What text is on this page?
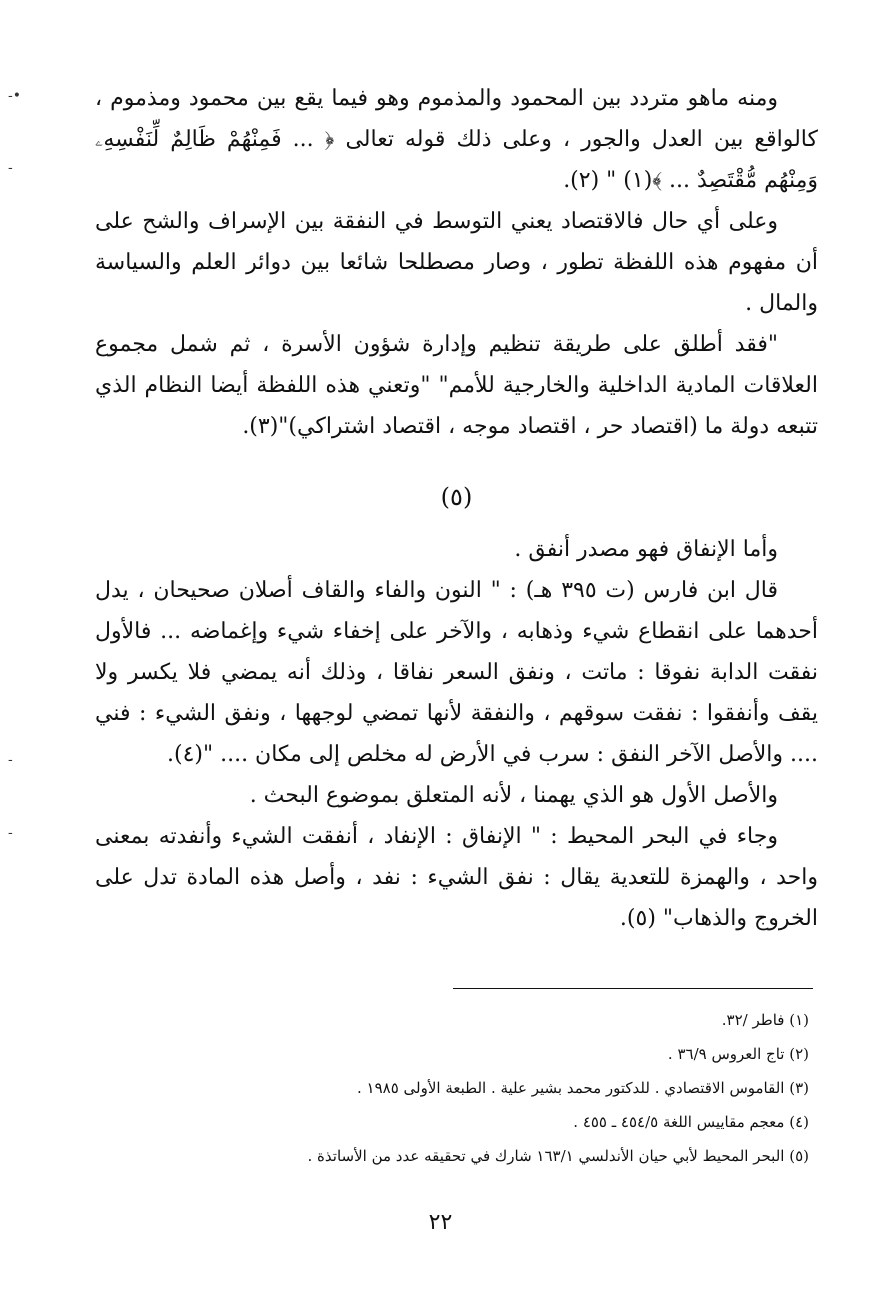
-•
-
-
-

ومنه ماهو متردد بين المحمود والمذموم وهو فيما يقع بين محمود ومذموم ، كالواقع بين العدل والجور ، وعلى ذلك قوله تعالى ﴿ ... فَمِنْهُمْ ظَالِمٌ لِّنَفْسِهِۦ وَمِنْهُم مُّقْتَصِدٌ ... ﴾(١) " (٢).

وعلى أي حال فالاقتصاد يعني التوسط في النفقة بين الإسراف والشح على أن مفهوم هذه اللفظة تطور ، وصار مصطلحا شائعا بين دوائر العلم والسياسة والمال .

"فقد أطلق على طريقة تنظيم وإدارة شؤون الأسرة ، ثم شمل مجموع العلاقات المادية الداخلية والخارجية للأمم" "وتعني هذه اللفظة أيضا النظام الذي تتبعه دولة ما (اقتصاد حر ، اقتصاد موجه ، اقتصاد اشتراكي)"(٣).

(٥)

وأما الإنفاق فهو مصدر أنفق .

قال ابن فارس (ت ٣٩٥ هـ) : " النون والفاء والقاف أصلان صحيحان ، يدل أحدهما على انقطاع شيء وذهابه ، والآخر على إخفاء شيء وإغماضه ... فالأول نفقت الدابة نفوقا : ماتت ، ونفق السعر نفاقا ، وذلك أنه يمضي فلا يكسر ولا يقف وأنفقوا : نفقت سوقهم ، والنفقة لأنها تمضي لوجهها ، ونفق الشيء : فني .... والأصل الآخر النفق : سرب في الأرض له مخلص إلى مكان .... "(٤).

والأصل الأول هو الذي يهمنا ، لأنه المتعلق بموضوع البحث .

وجاء في البحر المحيط : " الإنفاق : الإنفاد ، أنفقت الشيء وأنفدته بمعنى واحد ، والهمزة للتعدية يقال : نفق الشيء : نفد ، وأصل هذه المادة تدل على الخروج والذهاب" (٥).

(١) فاطر /٣٢.
(٢) تاج العروس ٣٦/٩ .
(٣) القاموس الاقتصادي . للدكتور محمد بشير علية . الطبعة الأولى ١٩٨٥ .
(٤) معجم مقاييس اللغة ٤٥٤/٥ ـ ٤٥٥ .
(٥) البحر المحيط لأبي حيان الأندلسي ١٦٣/١ شارك في تحقيقه عدد من الأساتذة .
٢٢
